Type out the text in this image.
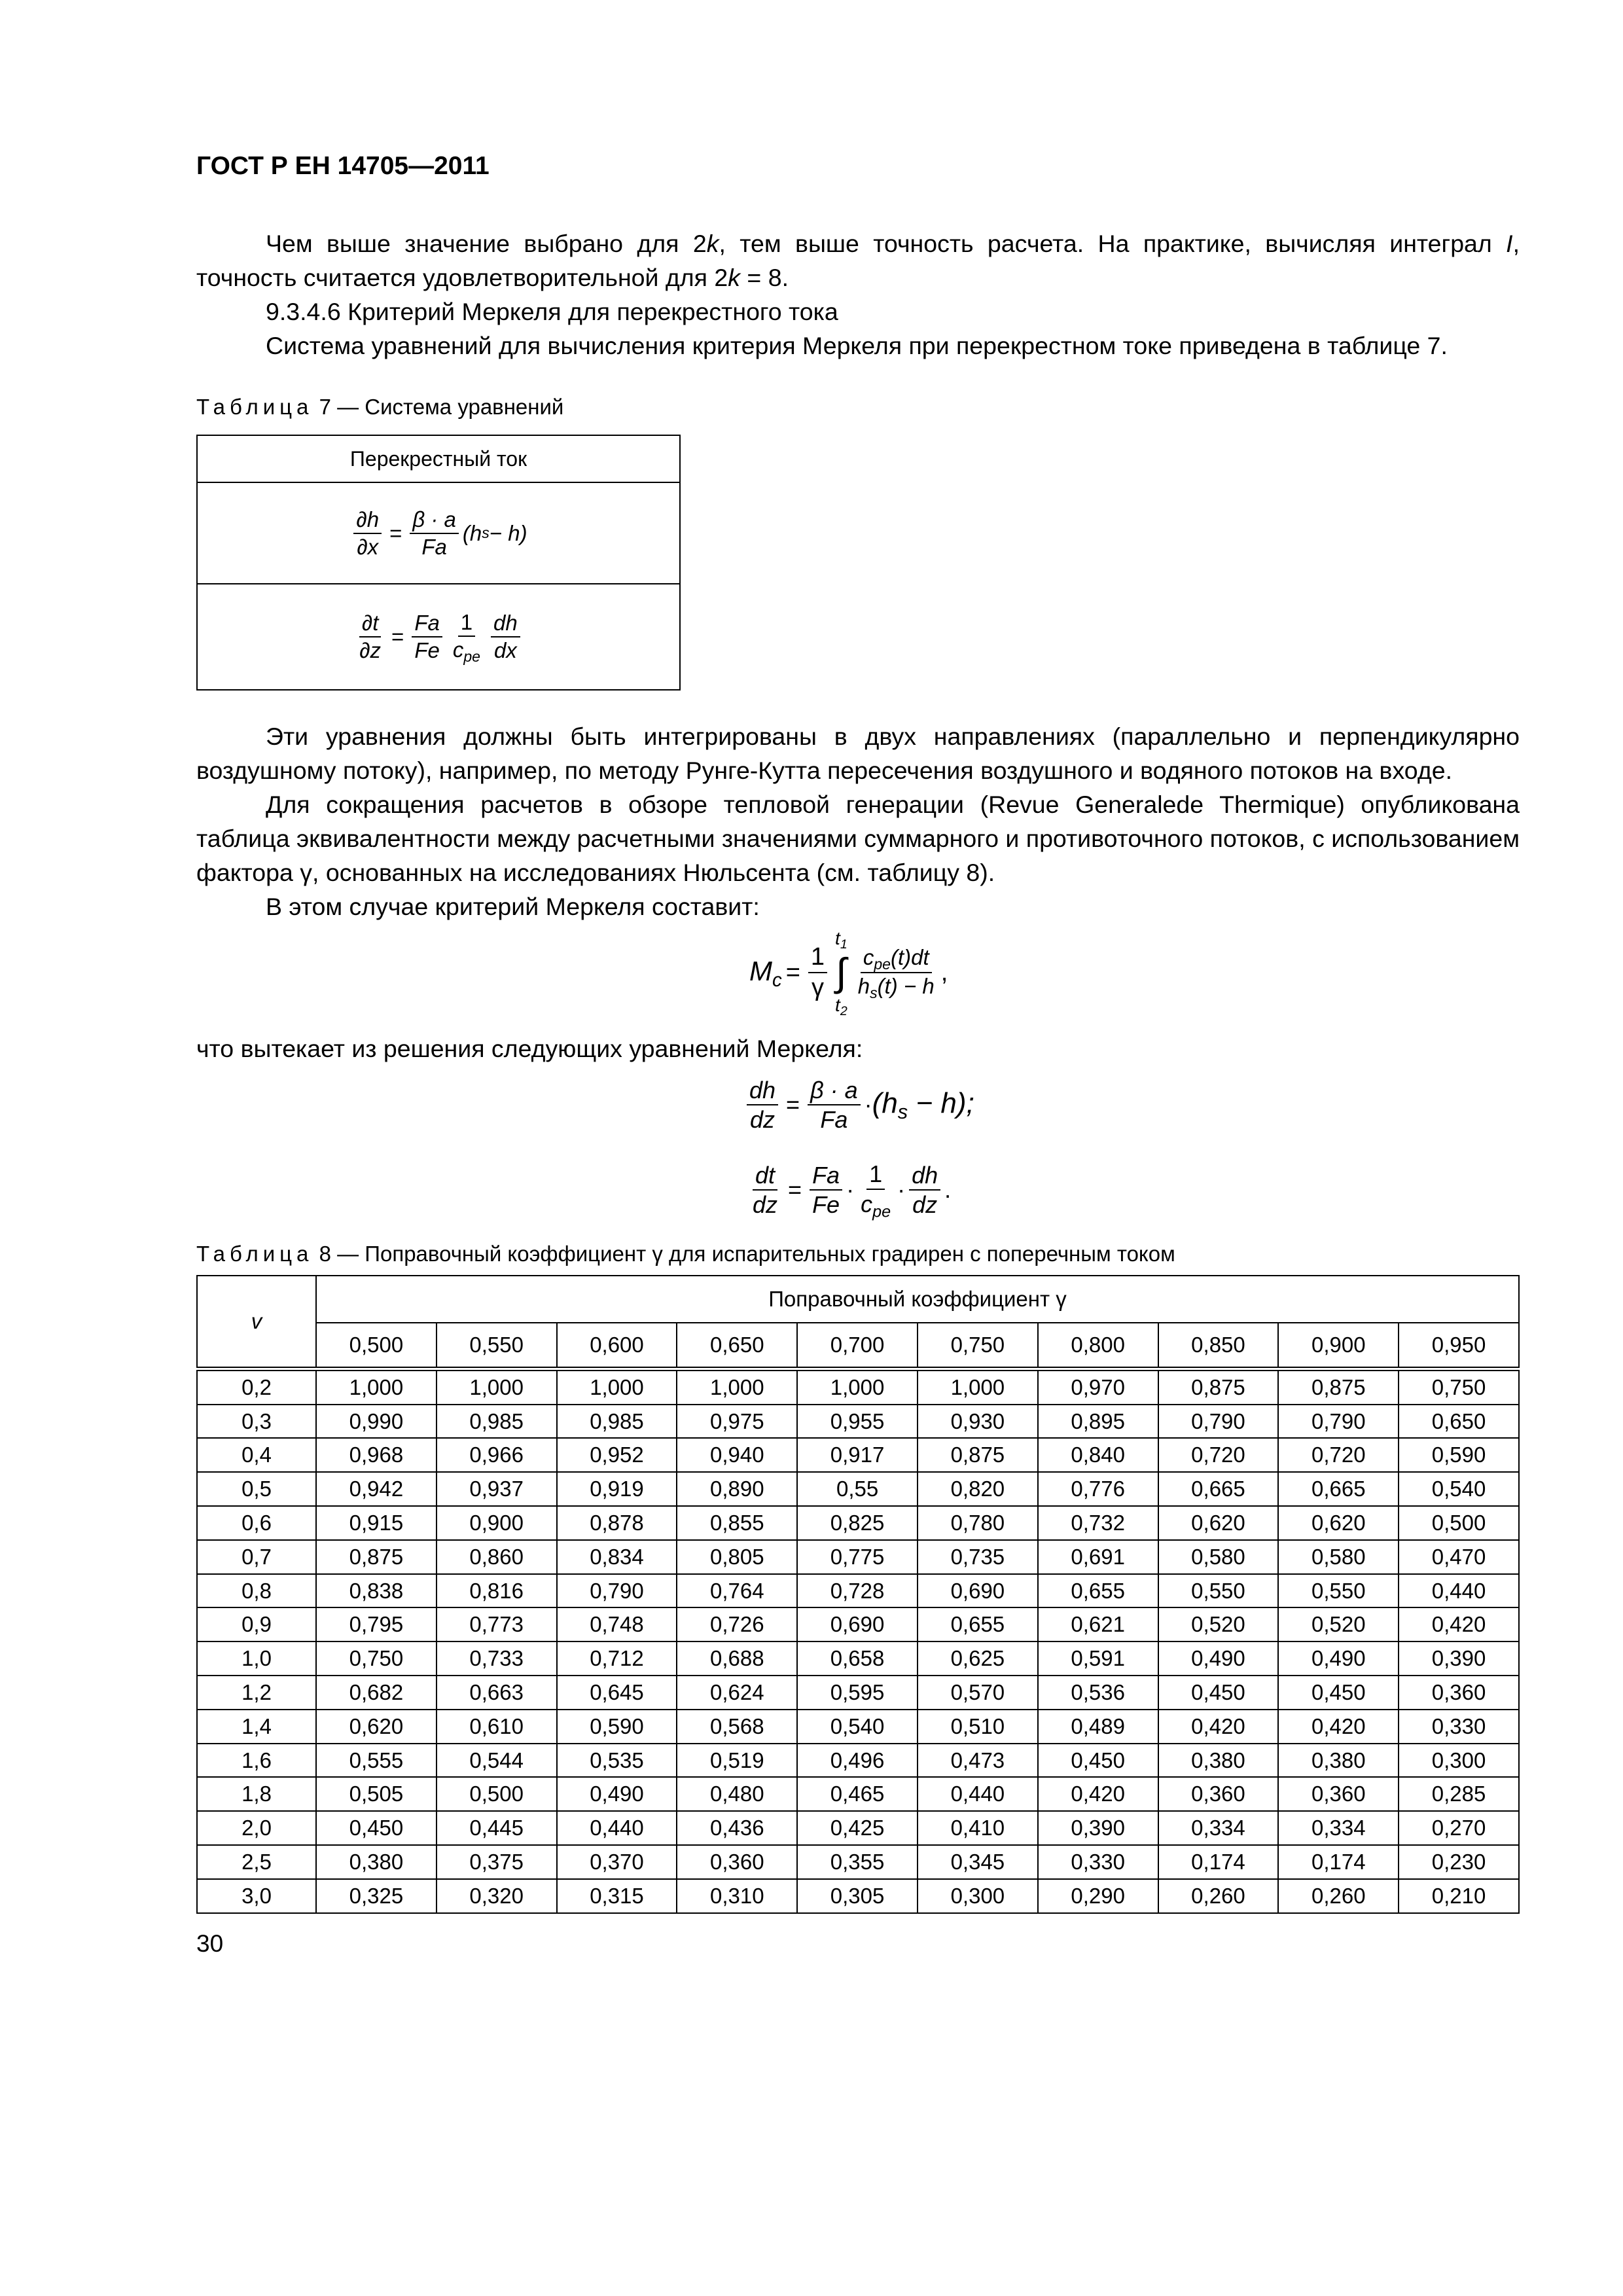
ГОСТ Р ЕН 14705—2011
Чем выше значение выбрано для 2k, тем выше точность расчета. На практике, вычисляя интеграл I, точность считается удовлетворительной для 2k = 8.
9.3.4.6 Критерий Меркеля для перекрестного тока
Система уравнений для вычисления критерия Меркеля при перекрестном токе приведена в таблице 7.
Таблица 7 — Система уравнений
Перекрестный ток
$\frac{\partial h}{\partial x} = \frac{\beta \cdot a}{Fa} (h$ s − h)
$\frac{\partial t}{\partial z} = \frac{Fa}{Fe} \frac{1}{c_{pe}} \frac{dh}{dx}$
Эти уравнения должны быть интегрированы в двух направлениях (параллельно и перпендикулярно воздушному потоку), например, по методу Рунге-Кутта пересечения воздушного и водяного потоков на входе.
Для сокращения расчетов в обзоре тепловой генерации (Revue Generalede Thermique) опубликована таблица эквивалентности между расчетными значениями суммарного и противоточного потоков, с использованием фактора γ, основанных на исследованиях Нюльсента (см. таблицу 8).
В этом случае критерий Меркеля составит:
$M_c = \frac{1}{\gamma}$
$t_1$
∫
$t_2$
$\frac{c_{pe}(t)dt}{h_s(t) - h}$ ,
что вытекает из решения следующих уравнений Меркеля:
$\frac{dh}{dz} = \frac{\beta \cdot a}{Fa} \cdot (h_s - h)$;
$\frac{dt}{dz} = \frac{Fa}{Fe} \cdot \frac{1}{c_{pe}} \cdot \frac{dh}{dz}$ .
Таблица 8 — Поправочный коэффициент γ для испарительных градирен с поперечным током
v	Поправочный коэффициент γ									
	0,500	0,550	0,600	0,650	0,700	0,750	0,800	0,850	0,900	0,950
0,2	1,000	1,000	1,000	1,000	1,000	1,000	0,970	0,875	0,875	0,750
0,3	0,990	0,985	0,985	0,975	0,955	0,930	0,895	0,790	0,790	0,650
0,4	0,968	0,966	0,952	0,940	0,917	0,875	0,840	0,720	0,720	0,590
0,5	0,942	0,937	0,919	0,890	0,55	0,820	0,776	0,665	0,665	0,540
0,6	0,915	0,900	0,878	0,855	0,825	0,780	0,732	0,620	0,620	0,500
0,7	0,875	0,860	0,834	0,805	0,775	0,735	0,691	0,580	0,580	0,470
0,8	0,838	0,816	0,790	0,764	0,728	0,690	0,655	0,550	0,550	0,440
0,9	0,795	0,773	0,748	0,726	0,690	0,655	0,621	0,520	0,520	0,420
1,0	0,750	0,733	0,712	0,688	0,658	0,625	0,591	0,490	0,490	0,390
1,2	0,682	0,663	0,645	0,624	0,595	0,570	0,536	0,450	0,450	0,360
1,4	0,620	0,610	0,590	0,568	0,540	0,510	0,489	0,420	0,420	0,330
1,6	0,555	0,544	0,535	0,519	0,496	0,473	0,450	0,380	0,380	0,300
1,8	0,505	0,500	0,490	0,480	0,465	0,440	0,420	0,360	0,360	0,285
2,0	0,450	0,445	0,440	0,436	0,425	0,410	0,390	0,334	0,334	0,270
2,5	0,380	0,375	0,370	0,360	0,355	0,345	0,330	0,174	0,174	0,230
3,0	0,325	0,320	0,315	0,310	0,305	0,300	0,290	0,260	0,260	0,210
30
